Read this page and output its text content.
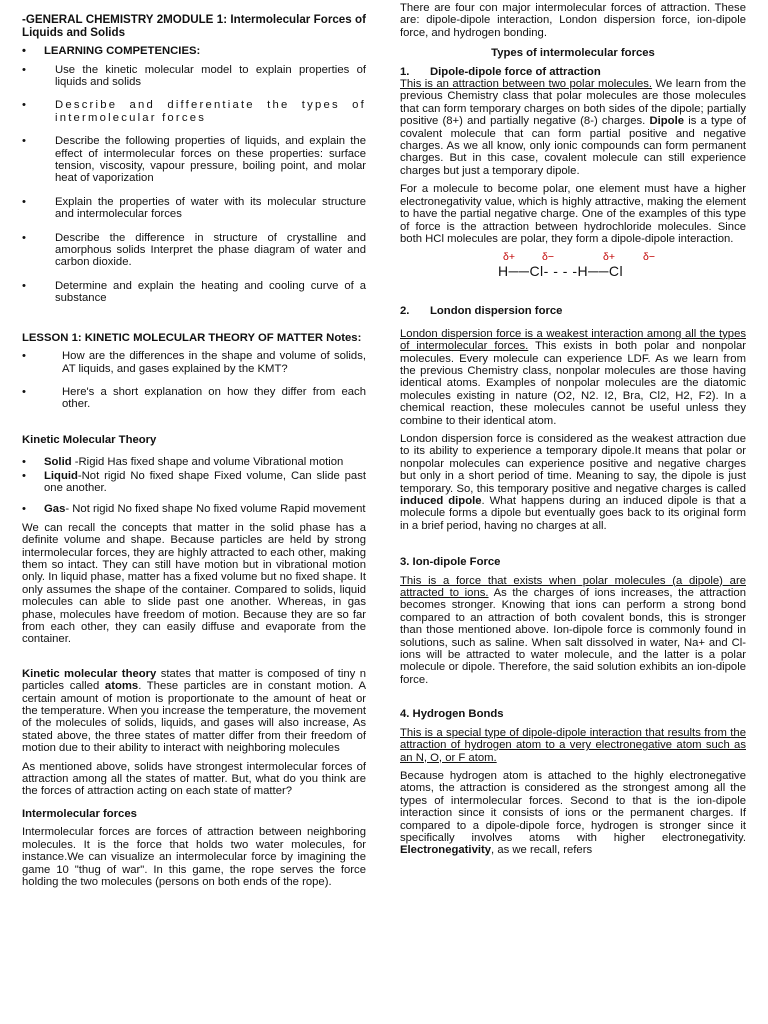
-GENERAL CHEMISTRY 2MODULE 1: Intermolecular Forces of Liquids and Solids

• LEARNING COMPETENCIES:
• Use the kinetic molecular model to explain properties of liquids and solids
• Describe and differentiate the types of intermolecular forces
• Describe the following properties of liquids, and explain the effect of intermolecular forces on these properties: surface tension, viscosity, vapour pressure, boiling point, and molar heat of vaporization
• Explain the properties of water with its molecular structure and intermolecular forces
• Describe the difference in structure of crystalline and amorphous solids Interpret the phase diagram of water and carbon dioxide.
• Determine and explain the heating and cooling curve of a substance

LESSON 1: KINETIC MOLECULAR THEORY OF MATTER Notes:

• How are the differences in the shape and volume of solids, AT liquids, and gases explained by the KMT?
• Here's a short explanation on how they differ from each other.

Kinetic Molecular Theory

• Solid -Rigid Has fixed shape and volume Vibrational motion
• Liquid-Not rigid No fixed shape Fixed volume, Can slide past one another.
• Gas- Not rigid No fixed shape No fixed volume Rapid movement

We can recall the concepts that matter in the solid phase has a definite volume and shape. Because particles are held by strong intermolecular forces, they are highly attracted to each other, making them so intact. They can still have motion but in vibrational motion only. In liquid phase, matter has a fixed volume but no fixed shape. It only assumes the shape of the container. Compared to solids, liquid molecules can able to slide past one another. Whereas, in gas phase, molecules have freedom of motion. Because they are so far from each other, they can easily diffuse and evaporate from the container.

Kinetic molecular theory states that matter is composed of tiny n particles called atoms. These particles are in constant motion. A certain amount of motion is proportionate to the amount of heat or the temperature. When you increase the temperature, the movement of the molecules of solids, liquids, and gases will also increase, As stated above, the three states of matter differ from their freedom of motion due to their ability to interact with neighboring molecules

As mentioned above, solids have strongest intermolecular forces of attraction among all the states of matter. But, what do you think are the forces of attraction acting on each state of matter?

Intermolecular forces

Intermolecular forces are forces of attraction between neighboring molecules. It is the force that holds two water molecules, for instance.We can visualize an intermolecular force by imagining the game 10 "thug of war". In this game, the rope serves the force holding the two molecules (persons on both ends of the rope).

There are four con major intermolecular forces of attraction. These are: dipole-dipole interaction, London dispersion force, ion-dipole force, and hydrogen bonding.

Types of intermolecular forces

1. Dipole-dipole force of attraction

This is an attraction between two polar molecules. We learn from the previous Chemistry class that polar molecules are those molecules that can form temporary charges on both sides of the dipole; partially positive (8+) and partially negative (8-) charges. Dipole is a type of covalent molecule that can form partial positive and negative charges. As we all know, only ionic compounds can form permanent charges. But in this case, covalent molecule can still experience charges but just a temporary dipole.

For a molecule to become polar, one element must have a higher electronegativity value, which is highly attractive, making the element to have the partial negative charge. One of the examples of this type of force is the attraction between hydrochloride molecules. Since both HCl molecules are polar, they form a dipole-dipole interaction.

δ+	δ−	δ+	δ−
H──Cl- - - -H──Cl

2. London dispersion force

London dispersion force is a weakest interaction among all the types of intermolecular forces. This exists in both polar and nonpolar molecules. Every molecule can experience LDF. As we learn from the previous Chemistry class, nonpolar molecules are those having identical atoms. Examples of nonpolar molecules are the diatomic molecules existing in nature (O2, N2. I2, Bra, Cl2, H2, F2). In a chemical reaction, these molecules cannot be useful unless they combine to their identical atom.

London dispersion force is considered as the weakest attraction due to its ability to experience a temporary dipole.It means that polar or nonpolar molecules can experience positive and negative charges but only in a short period of time. Meaning to say, the dipole is just temporary. So, this temporary positive and negative charges is called induced dipole. What happens during an induced dipole is that a molecule forms a dipole but eventually goes back to its original form in a brief period, having no charges at all.

3. Ion-dipole Force

This is a force that exists when polar molecules (a dipole) are attracted to ions. As the charges of ions increases, the attraction becomes stronger. Knowing that ions can perform a strong bond compared to an attraction of both covalent bonds, this is stronger than those mentioned above. Ion-dipole force is commonly found in solutions, such as saline. When salt dissolved in water, Na+ and Cl-ions will be attracted to water molecule, and the latter is a polar molecule or dipole. Therefore, the said solution exhibits an ion-dipole force.

4. Hydrogen Bonds

This is a special type of dipole-dipole interaction that results from the attraction of hydrogen atom to a very electronegative atom such as an N, O, or F atom.

Because hydrogen atom is attached to the highly electronegative atoms, the attraction is considered as the strongest among all the types of intermolecular forces. Second to that is the ion-dipole interaction since it consists of ions or the permanent charges. If compared to a dipole-dipole force, hydrogen is stronger since it specifically involves atoms with higher electronegativity. Electronegativity, as we recall, refers
